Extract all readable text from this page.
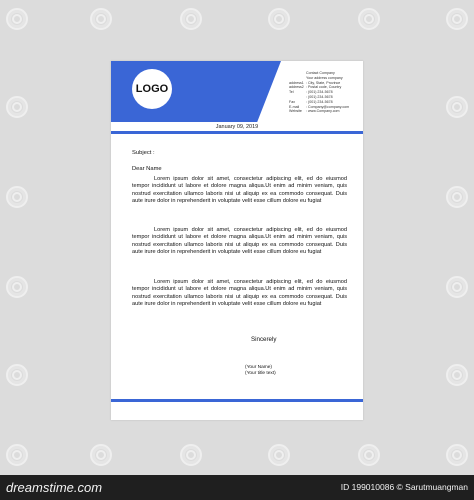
LOGO
Contact Company
Your address company
address1 : City, State, Province
address2 : Postal code, Country
Tel	: (001) 234-5678
: (001) 234-5678
Fax	: (001) 234-5678
E-mail	: Company@company.com
Website	: www.Company.com
January 09, 2019
Subject :
Dear Name
Lorem ipsum dolor sit amet, consectetur adipiscing elit, ed do eiusmod tempor incididunt ut labore et dolore magna aliqua.Ut enim ad minim veniam, quis nostrud exercitation ullamco laboris nisi ut aliquip ex ea commodo consequat. Duis aute irure dolor in reprehenderit in voluptate velit esse cillum dolore eu fugiat
Lorem ipsum dolor sit amet, consectetur adipiscing elit, ed do eiusmod tempor incididunt ut labore et dolore magna aliqua.Ut enim ad minim veniam, quis nostrud exercitation ullamco laboris nisi ut aliquip ex ea commodo consequat. Duis aute irure dolor in reprehenderit in voluptate velit esse cillum dolore eu fugiat
Lorem ipsum dolor sit amet, consectetur adipiscing elit, ed do eiusmod tempor incididunt ut labore et dolore magna aliqua.Ut enim ad minim veniam, quis nostrud exercitation ullamco laboris nisi ut aliquip ex ea commodo consequat. Duis aute irure dolor in reprehenderit in voluptate velit esse cillum dolore eu fugiat
Sincerely
(Your Name)
(Your title text)
dreamstime.com	ID 199010086 © Sarutmuangman
